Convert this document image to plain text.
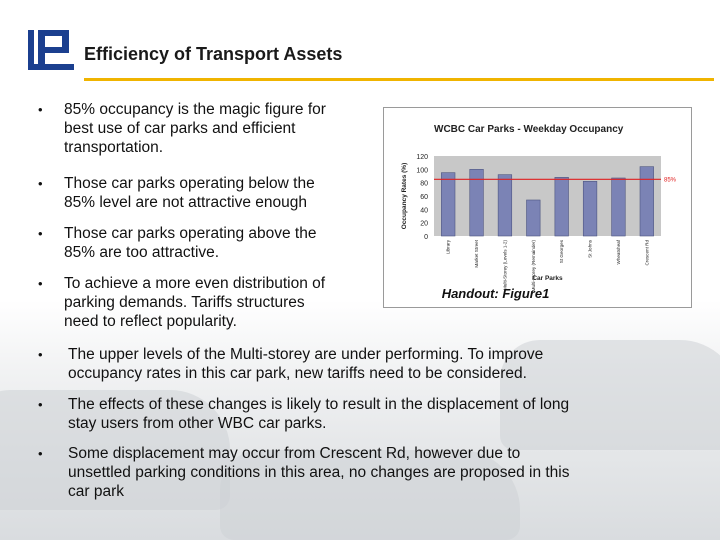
Efficiency of Transport Assets
•	85% occupancy is the magic figure for
best use of car parks and efficient
transportation.
•	Those car parks operating below the
85% level are not attractive enough
•	Those car parks operating above the
85% are too attractive.
•	To achieve a more even distribution of
parking demands. Tariffs structures
need to reflect popularity.
•	The upper levels of the Multi-storey are under performing. To improve
occupancy rates in this car park, new tariffs need to be considered.
•	The effects of these changes is likely to result in the displacement of long
stay users from other WBC car parks.
•	Some displacement may occur from Crescent Rd, however due to
unsettled parking conditions in this area, no changes are proposed in this
car park
WCBC Car Parks - Weekday Occupancy
0
20
40
60
80
100
120
Occupancy Rates (%)
Library	Market Street	Multi-Storey (Levels 1-2)	Multi-Storey (Remainder)	St Georges	St Johns	Wheatsheaf	Crescent Rd
85%
Car Parks
Handout: Figure1
